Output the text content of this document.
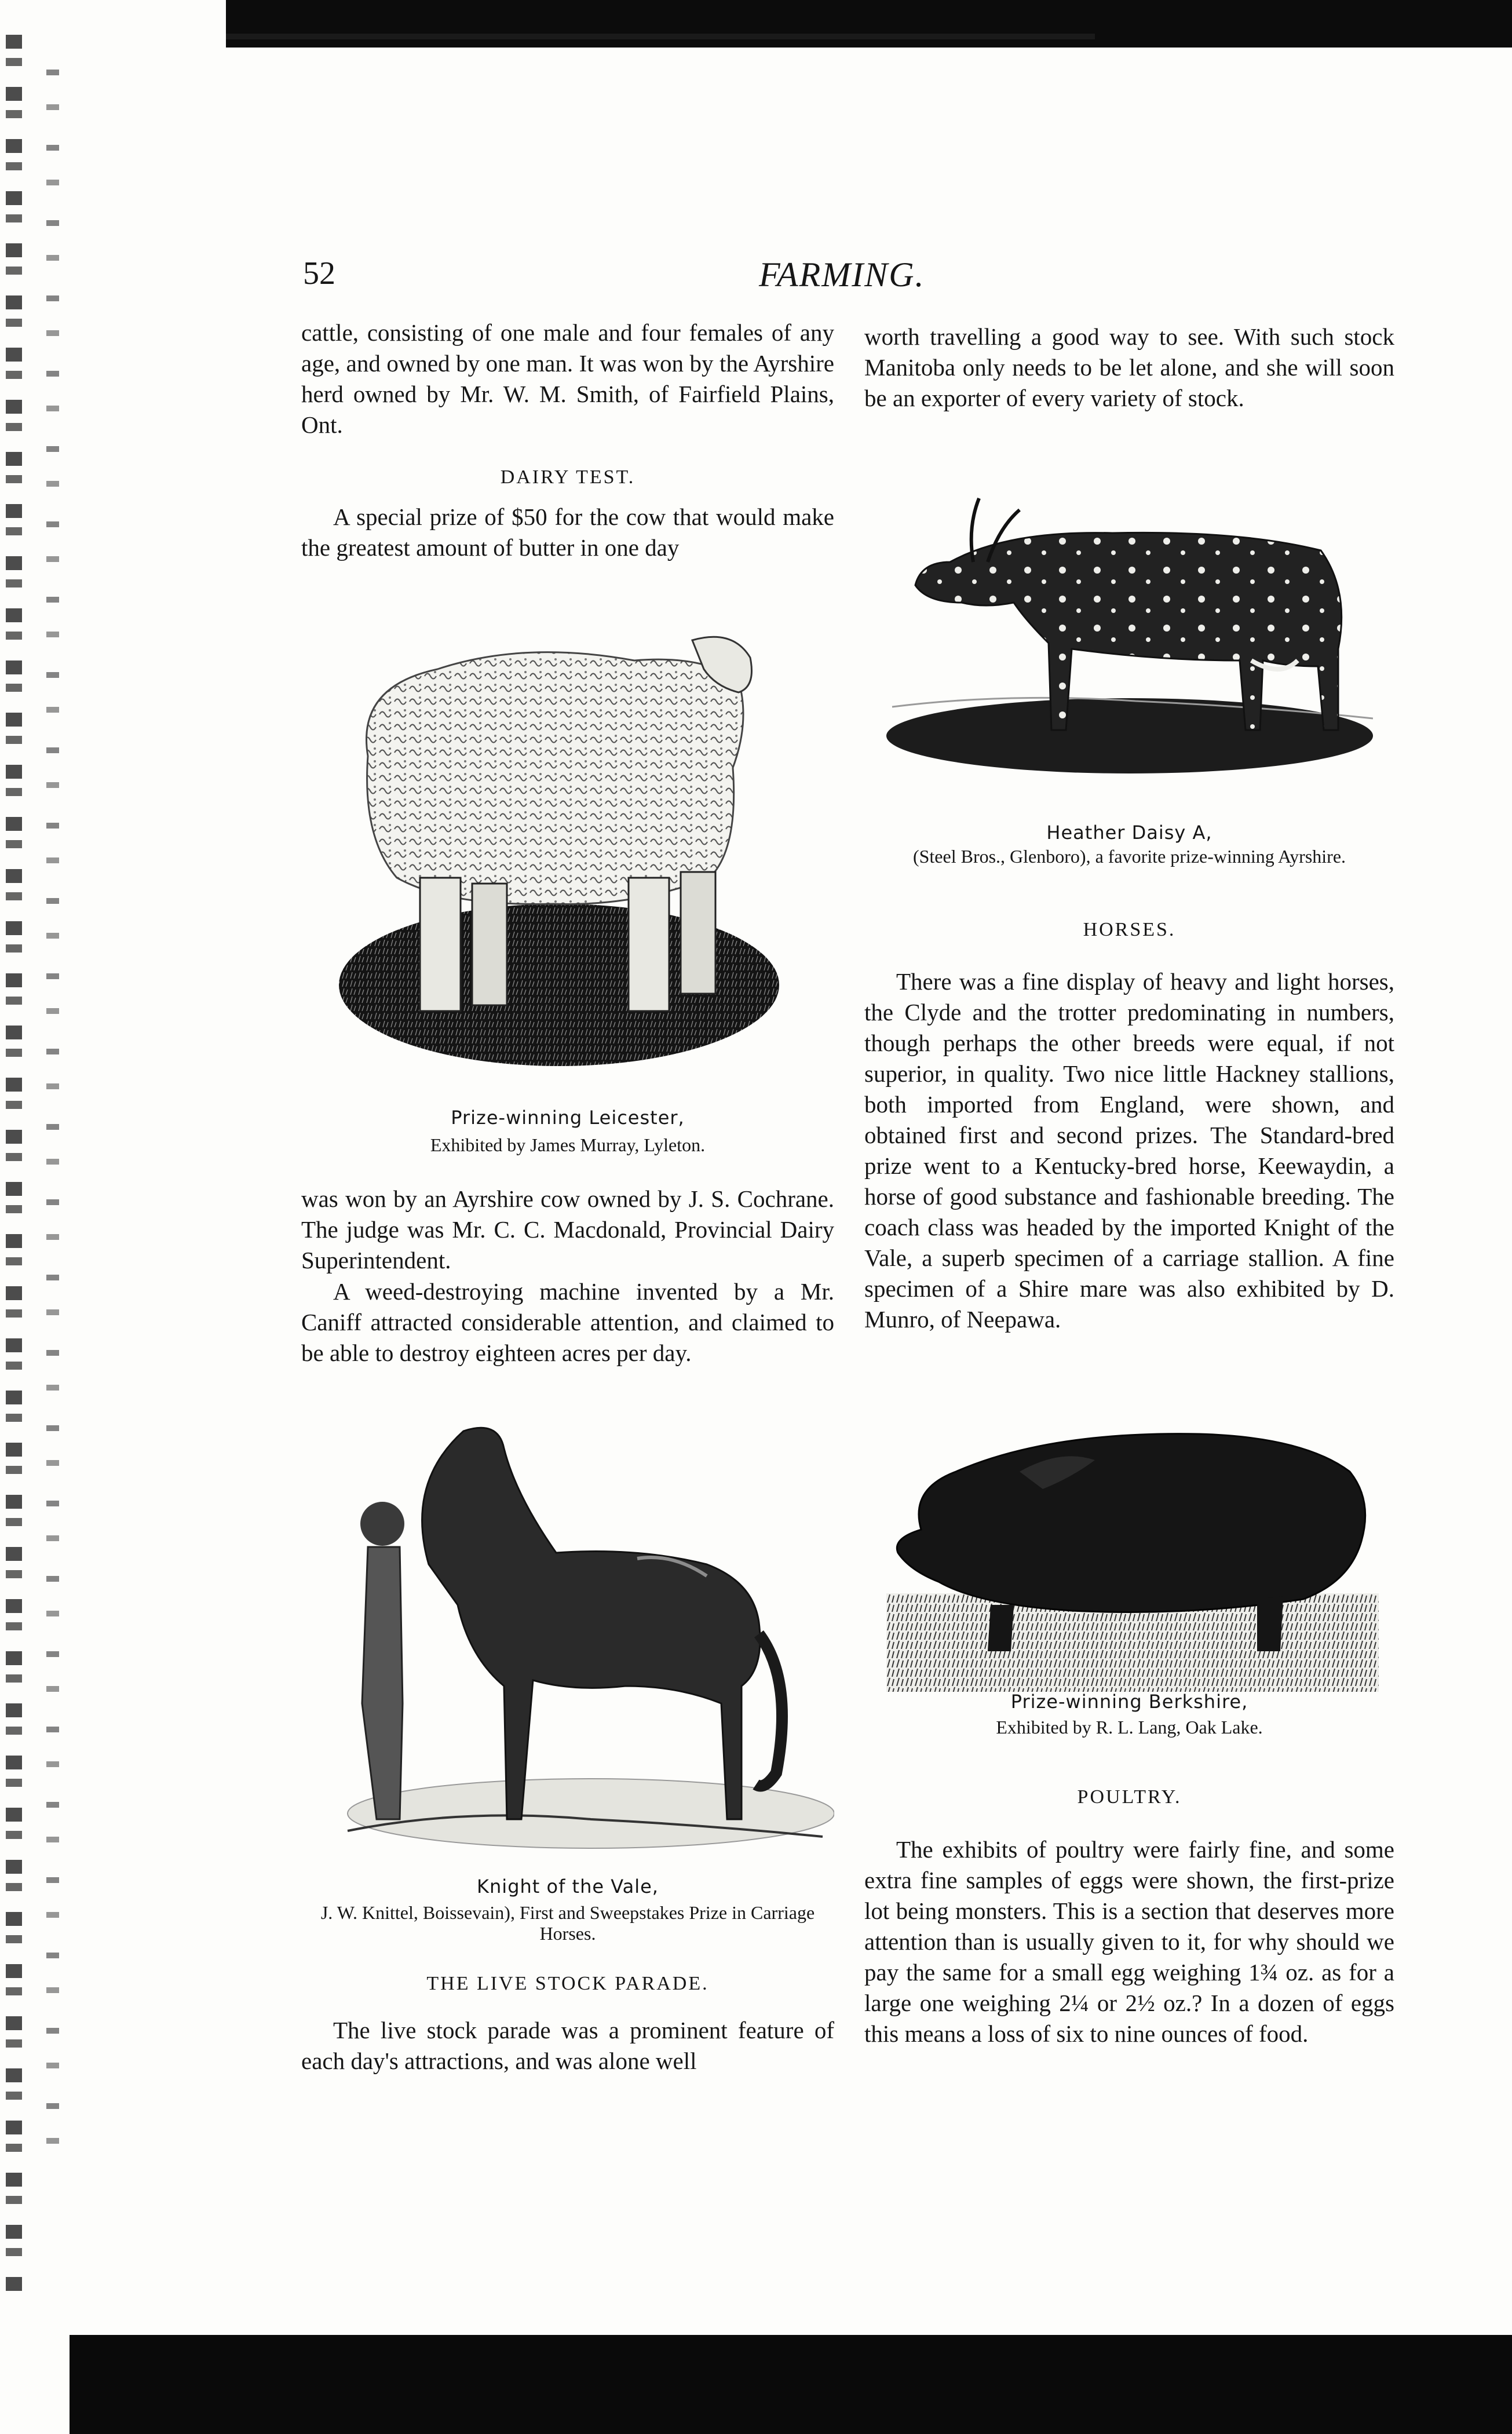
52	FARMING.

cattle, consisting of one male and four females of any age, and owned by one man. It was won by the Ayrshire herd owned by Mr. W. M. Smith, of Fairfield Plains, Ont.

DAIRY TEST.

A special prize of $50 for the cow that would make the greatest amount of butter in one day

Prize-winning Leicester,

Exhibited by James Murray, Lyleton.

was won by an Ayrshire cow owned by J. S. Cochrane. The judge was Mr. C. C. Macdonald, Provincial Dairy Superintendent.

A weed-destroying machine invented by a Mr. Caniff attracted considerable attention, and claimed to be able to destroy eighteen acres per day.

Knight of the Vale,

J. W. Knittel, Boissevain), First and Sweepstakes Prize in Carriage Horses.

THE LIVE STOCK PARADE.

The live stock parade was a prominent feature of each day's attractions, and was alone well

worth travelling a good way to see. With such stock Manitoba only needs to be let alone, and she will soon be an exporter of every variety of stock.

Heather Daisy A,

(Steel Bros., Glenboro), a favorite prize-winning Ayrshire.

HORSES.

There was a fine display of heavy and light horses, the Clyde and the trotter predominating in numbers, though perhaps the other breeds were equal, if not superior, in quality. Two nice little Hackney stallions, both imported from England, were shown, and obtained first and second prizes. The Standard-bred prize went to a Kentucky-bred horse, Keewaydin, a horse of good substance and fashionable breeding. The coach class was headed by the imported Knight of the Vale, a superb specimen of a carriage stallion. A fine specimen of a Shire mare was also exhibited by D. Munro, of Neepawa.

Prize-winning Berkshire,

Exhibited by R. L. Lang, Oak Lake.

POULTRY.

The exhibits of poultry were fairly fine, and some extra fine samples of eggs were shown, the first-prize lot being monsters. This is a section that deserves more attention than is usually given to it, for why should we pay the same for a small egg weighing 1¾ oz. as for a large one weighing 2¼ or 2½ oz.? In a dozen of eggs this means a loss of six to nine ounces of food.
